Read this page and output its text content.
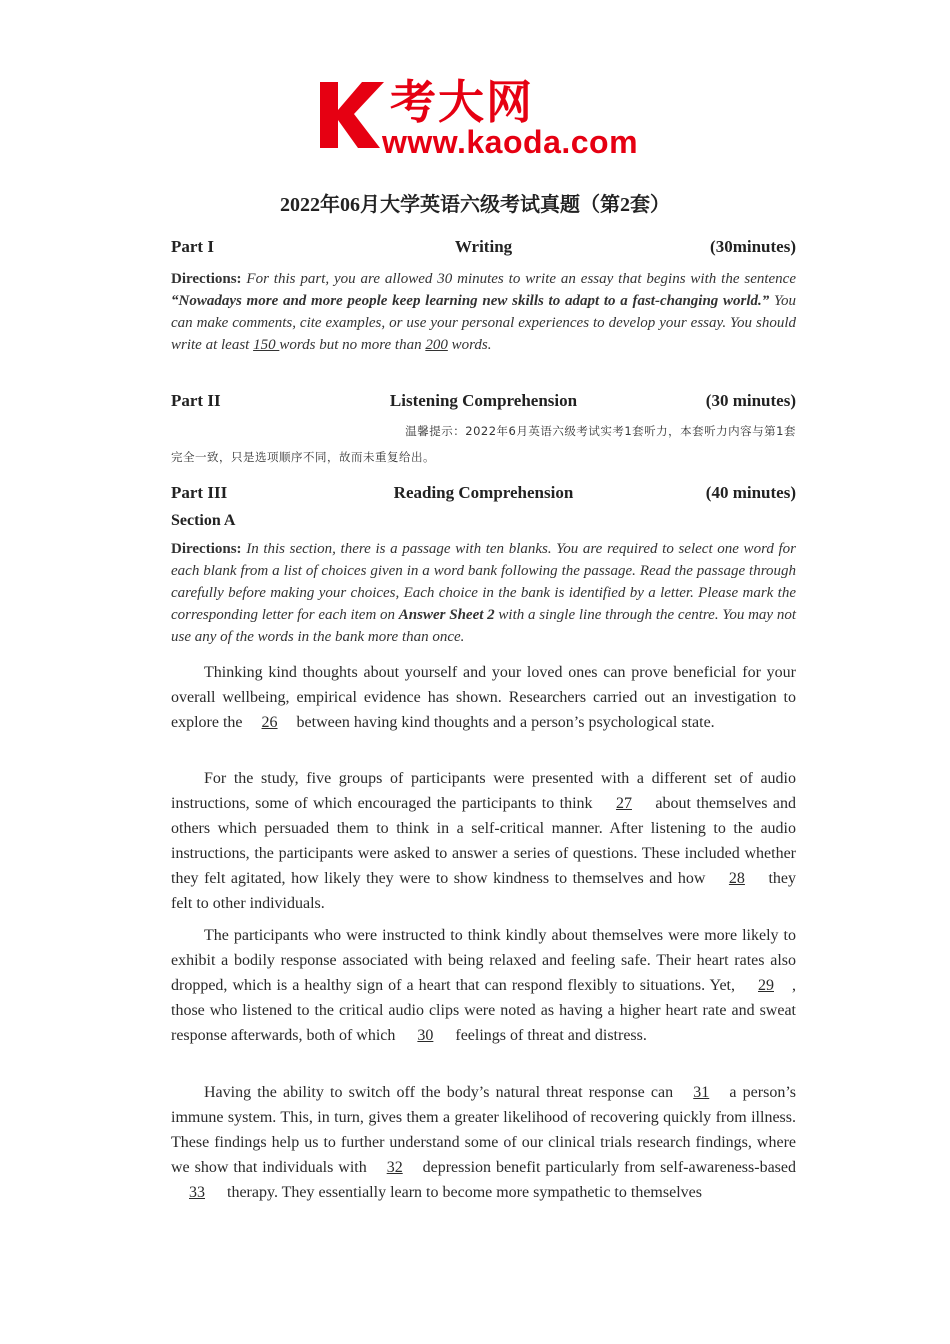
考大网
www.kaoda.com
2022年06月大学英语六级考试真题（第2套）
Part I	Writing	(30minutes)
Directions: For this part, you are allowed 30 minutes to write an essay that begins with the sentence “Nowadays more and more people keep learning new skills to adapt to a fast-changing world.” You can make comments, cite examples, or use your personal experiences to develop your essay. You should write at least 150 words but no more than 200 words.
Part II	Listening Comprehension	(30 minutes)
温馨提示：2022年6月英语六级考试实考1套听力，本套听力内容与第1套
完全一致，只是选项顺序不同，故而未重复给出。
Part III	Reading Comprehension	(40 minutes)
Section A
Directions: In this section, there is a passage with ten blanks. You are required to select one word for each blank from a list of choices given in a word bank following the passage. Read the passage through carefully before making your choices, Each choice in the bank is identified by a letter. Please mark the corresponding letter for each item on Answer Sheet 2 with a single line through the centre. You may not use any of the words in the bank more than once.
Thinking kind thoughts about yourself and your loved ones can prove beneficial for your overall wellbeing, empirical evidence has shown. Researchers carried out an investigation to explore the 26 between having kind thoughts and a person’s psychological state.
For the study, five groups of participants were presented with a different set of audio instructions, some of which encouraged the participants to think 27 about themselves and others which persuaded them to think in a self-critical manner. After listening to the audio instructions, the participants were asked to answer a series of questions. These included whether they felt agitated, how likely they were to show kindness to themselves and how 28 they felt to other individuals.
The participants who were instructed to think kindly about themselves were more likely to exhibit a bodily response associated with being relaxed and feeling safe. Their heart rates also dropped, which is a healthy sign of a heart that can respond flexibly to situations. Yet, 29 , those who listened to the critical audio clips were noted as having a higher heart rate and sweat response afterwards, both of which 30 feelings of threat and distress.
Having the ability to switch off the body’s natural threat response can 31 a person’s immune system. This, in turn, gives them a greater likelihood of recovering quickly from illness. These findings help us to further understand some of our clinical trials research findings, where we show that individuals with 32 depression benefit particularly from self-awareness-based 33 therapy. They essentially learn to become more sympathetic to themselves
